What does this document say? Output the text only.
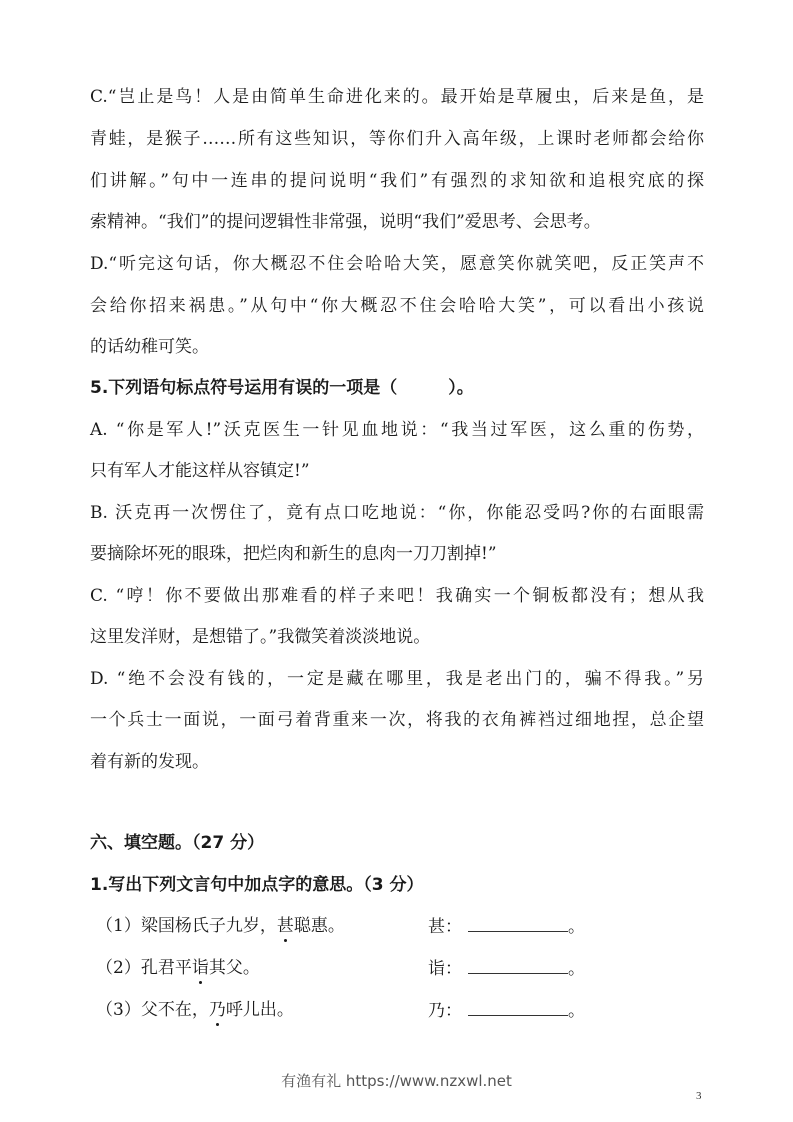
C.“岂止是鸟！人是由简单生命进化来的。最开始是草履虫，后来是鱼，是
青蛙，是猴子……所有这些知识，等你们升入高年级，上课时老师都会给你
们讲解。”句中一连串的提问说明“我们”有强烈的求知欲和追根究底的探
索精神。“我们”的提问逻辑性非常强，说明“我们”爱思考、会思考。
D.“听完这句话，你大概忍不住会哈哈大笑，愿意笑你就笑吧，反正笑声不
会给你招来祸患。”从句中“你大概忍不住会哈哈大笑”，可以看出小孩说
的话幼稚可笑。
5.下列语句标点符号运用有误的一项是（　　　）。
A. “你是军人!”沃克医生一针见血地说：“我当过军医，这么重的伤势，
只有军人才能这样从容镇定!”
B. 沃克再一次愣住了，竟有点口吃地说：“你，你能忍受吗?你的右面眼需
要摘除坏死的眼珠，把烂肉和新生的息肉一刀刀割掉!”
C. “哼！你不要做出那难看的样子来吧！我确实一个铜板都没有；想从我
这里发洋财，是想错了。”我微笑着淡淡地说。
D. “绝不会没有钱的，一定是藏在哪里，我是老出门的，骗不得我。”另
一个兵士一面说，一面弓着背重来一次，将我的衣角裤裆过细地捏，总企望
着有新的发现。
六、填空题。（27 分）
1.写出下列文言句中加点字的意思。（3 分）
（1）梁国杨氏子九岁，甚聪惠。	甚：	。
（2）孔君平诣其父。	诣：	。
（3）父不在，乃呼儿出。	乃：	。
有渔有礼 https://www.nzxwl.net
3
